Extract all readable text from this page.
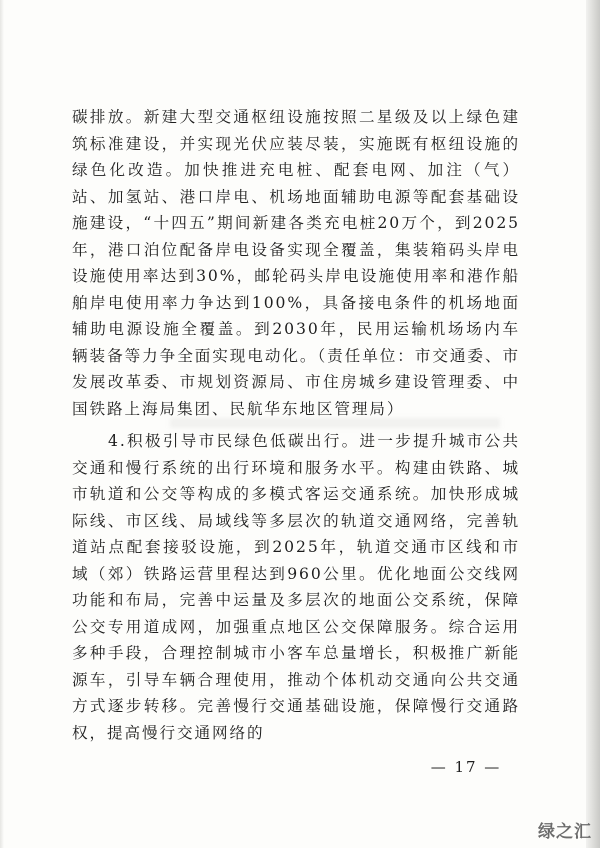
碳排放。新建大型交通枢纽设施按照二星级及以上绿色建筑标准建设，并实现光伏应装尽装，实施既有枢纽设施的绿色化改造。加快推进充电桩、配套电网、加注（气）站、加氢站、港口岸电、机场地面辅助电源等配套基础设施建设，“十四五”期间新建各类充电桩20万个，到2025年，港口泊位配备岸电设备实现全覆盖，集装箱码头岸电设施使用率达到30%，邮轮码头岸电设施使用率和港作船舶岸电使用率力争达到100%，具备接电条件的机场地面辅助电源设施全覆盖。到2030年，民用运输机场场内车辆装备等力争全面实现电动化。（责任单位：市交通委、市发展改革委、市规划资源局、市住房城乡建设管理委、中国铁路上海局集团、民航华东地区管理局）

4.积极引导市民绿色低碳出行。进一步提升城市公共交通和慢行系统的出行环境和服务水平。构建由铁路、城市轨道和公交等构成的多模式客运交通系统。加快形成城际线、市区线、局域线等多层次的轨道交通网络，完善轨道站点配套接驳设施，到2025年，轨道交通市区线和市域（郊）铁路运营里程达到960公里。优化地面公交线网功能和布局，完善中运量及多层次的地面公交系统，保障公交专用道成网，加强重点地区公交保障服务。综合运用多种手段，合理控制城市小客车总量增长，积极推广新能源车，引导车辆合理使用，推动个体机动交通向公共交通方式逐步转移。完善慢行交通基础设施，保障慢行交通路权，提高慢行交通网络的

— 17 —
绿之汇
